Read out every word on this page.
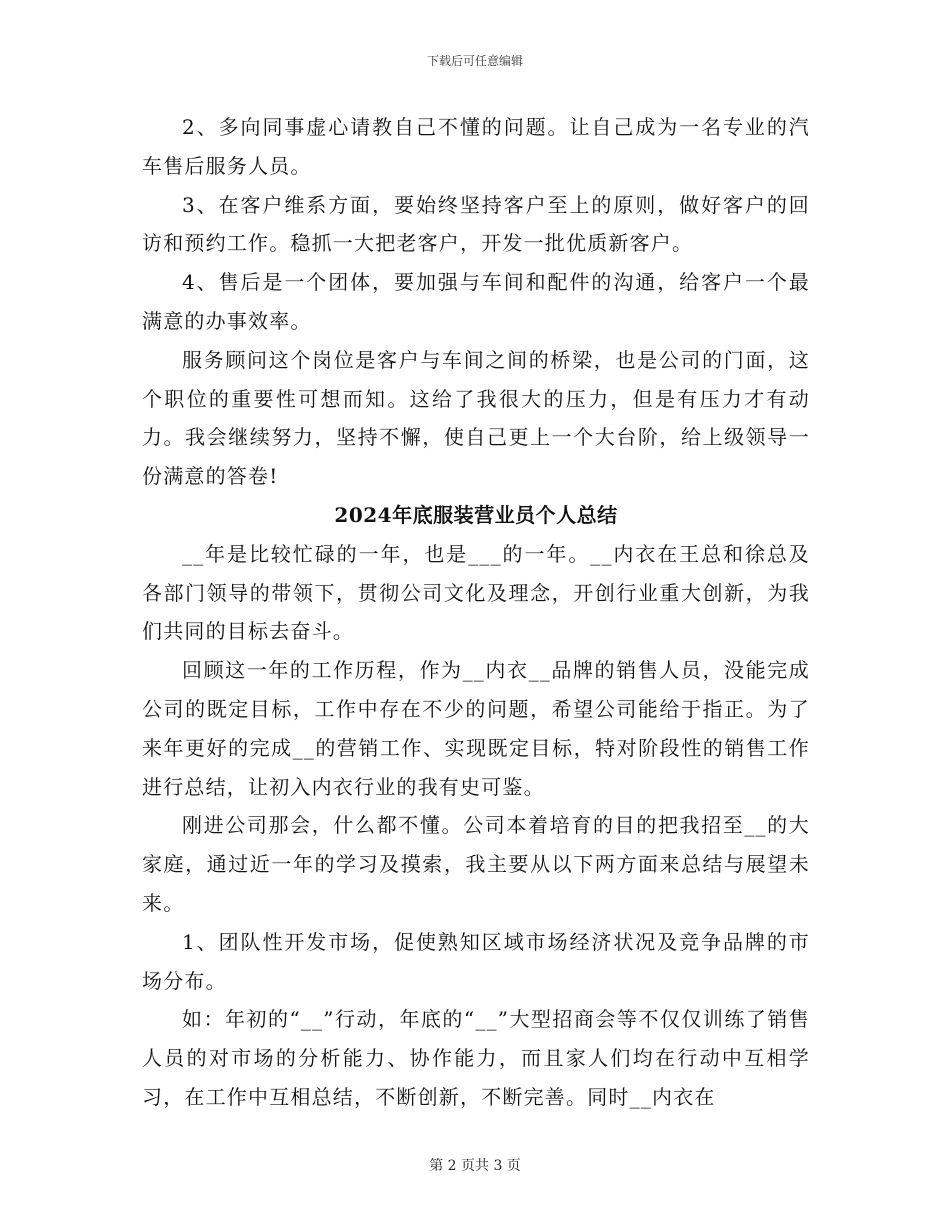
下载后可任意编辑

2、多向同事虚心请教自己不懂的问题。让自己成为一名专业的汽车售后服务人员。

3、在客户维系方面，要始终坚持客户至上的原则，做好客户的回访和预约工作。稳抓一大把老客户，开发一批优质新客户。

4、售后是一个团体，要加强与车间和配件的沟通，给客户一个最满意的办事效率。

服务顾问这个岗位是客户与车间之间的桥梁，也是公司的门面，这个职位的重要性可想而知。这给了我很大的压力，但是有压力才有动力。我会继续努力，坚持不懈，使自己更上一个大台阶，给上级领导一份满意的答卷!

2024年底服装营业员个人总结

__年是比较忙碌的一年，也是___的一年。__内衣在王总和徐总及各部门领导的带领下，贯彻公司文化及理念，开创行业重大创新，为我们共同的目标去奋斗。

回顾这一年的工作历程，作为__内衣__品牌的销售人员，没能完成公司的既定目标，工作中存在不少的问题，希望公司能给于指正。为了来年更好的完成__的营销工作、实现既定目标，特对阶段性的销售工作进行总结，让初入内衣行业的我有史可鉴。

刚进公司那会，什么都不懂。公司本着培育的目的把我招至__的大家庭，通过近一年的学习及摸索，我主要从以下两方面来总结与展望未来。

1、团队性开发市场，促使熟知区域市场经济状况及竞争品牌的市场分布。

如：年初的“__”行动，年底的“__”大型招商会等不仅仅训练了销售人员的对市场的分析能力、协作能力，而且家人们均在行动中互相学习，在工作中互相总结，不断创新，不断完善。同时__内衣在

第 2 页共 3 页
